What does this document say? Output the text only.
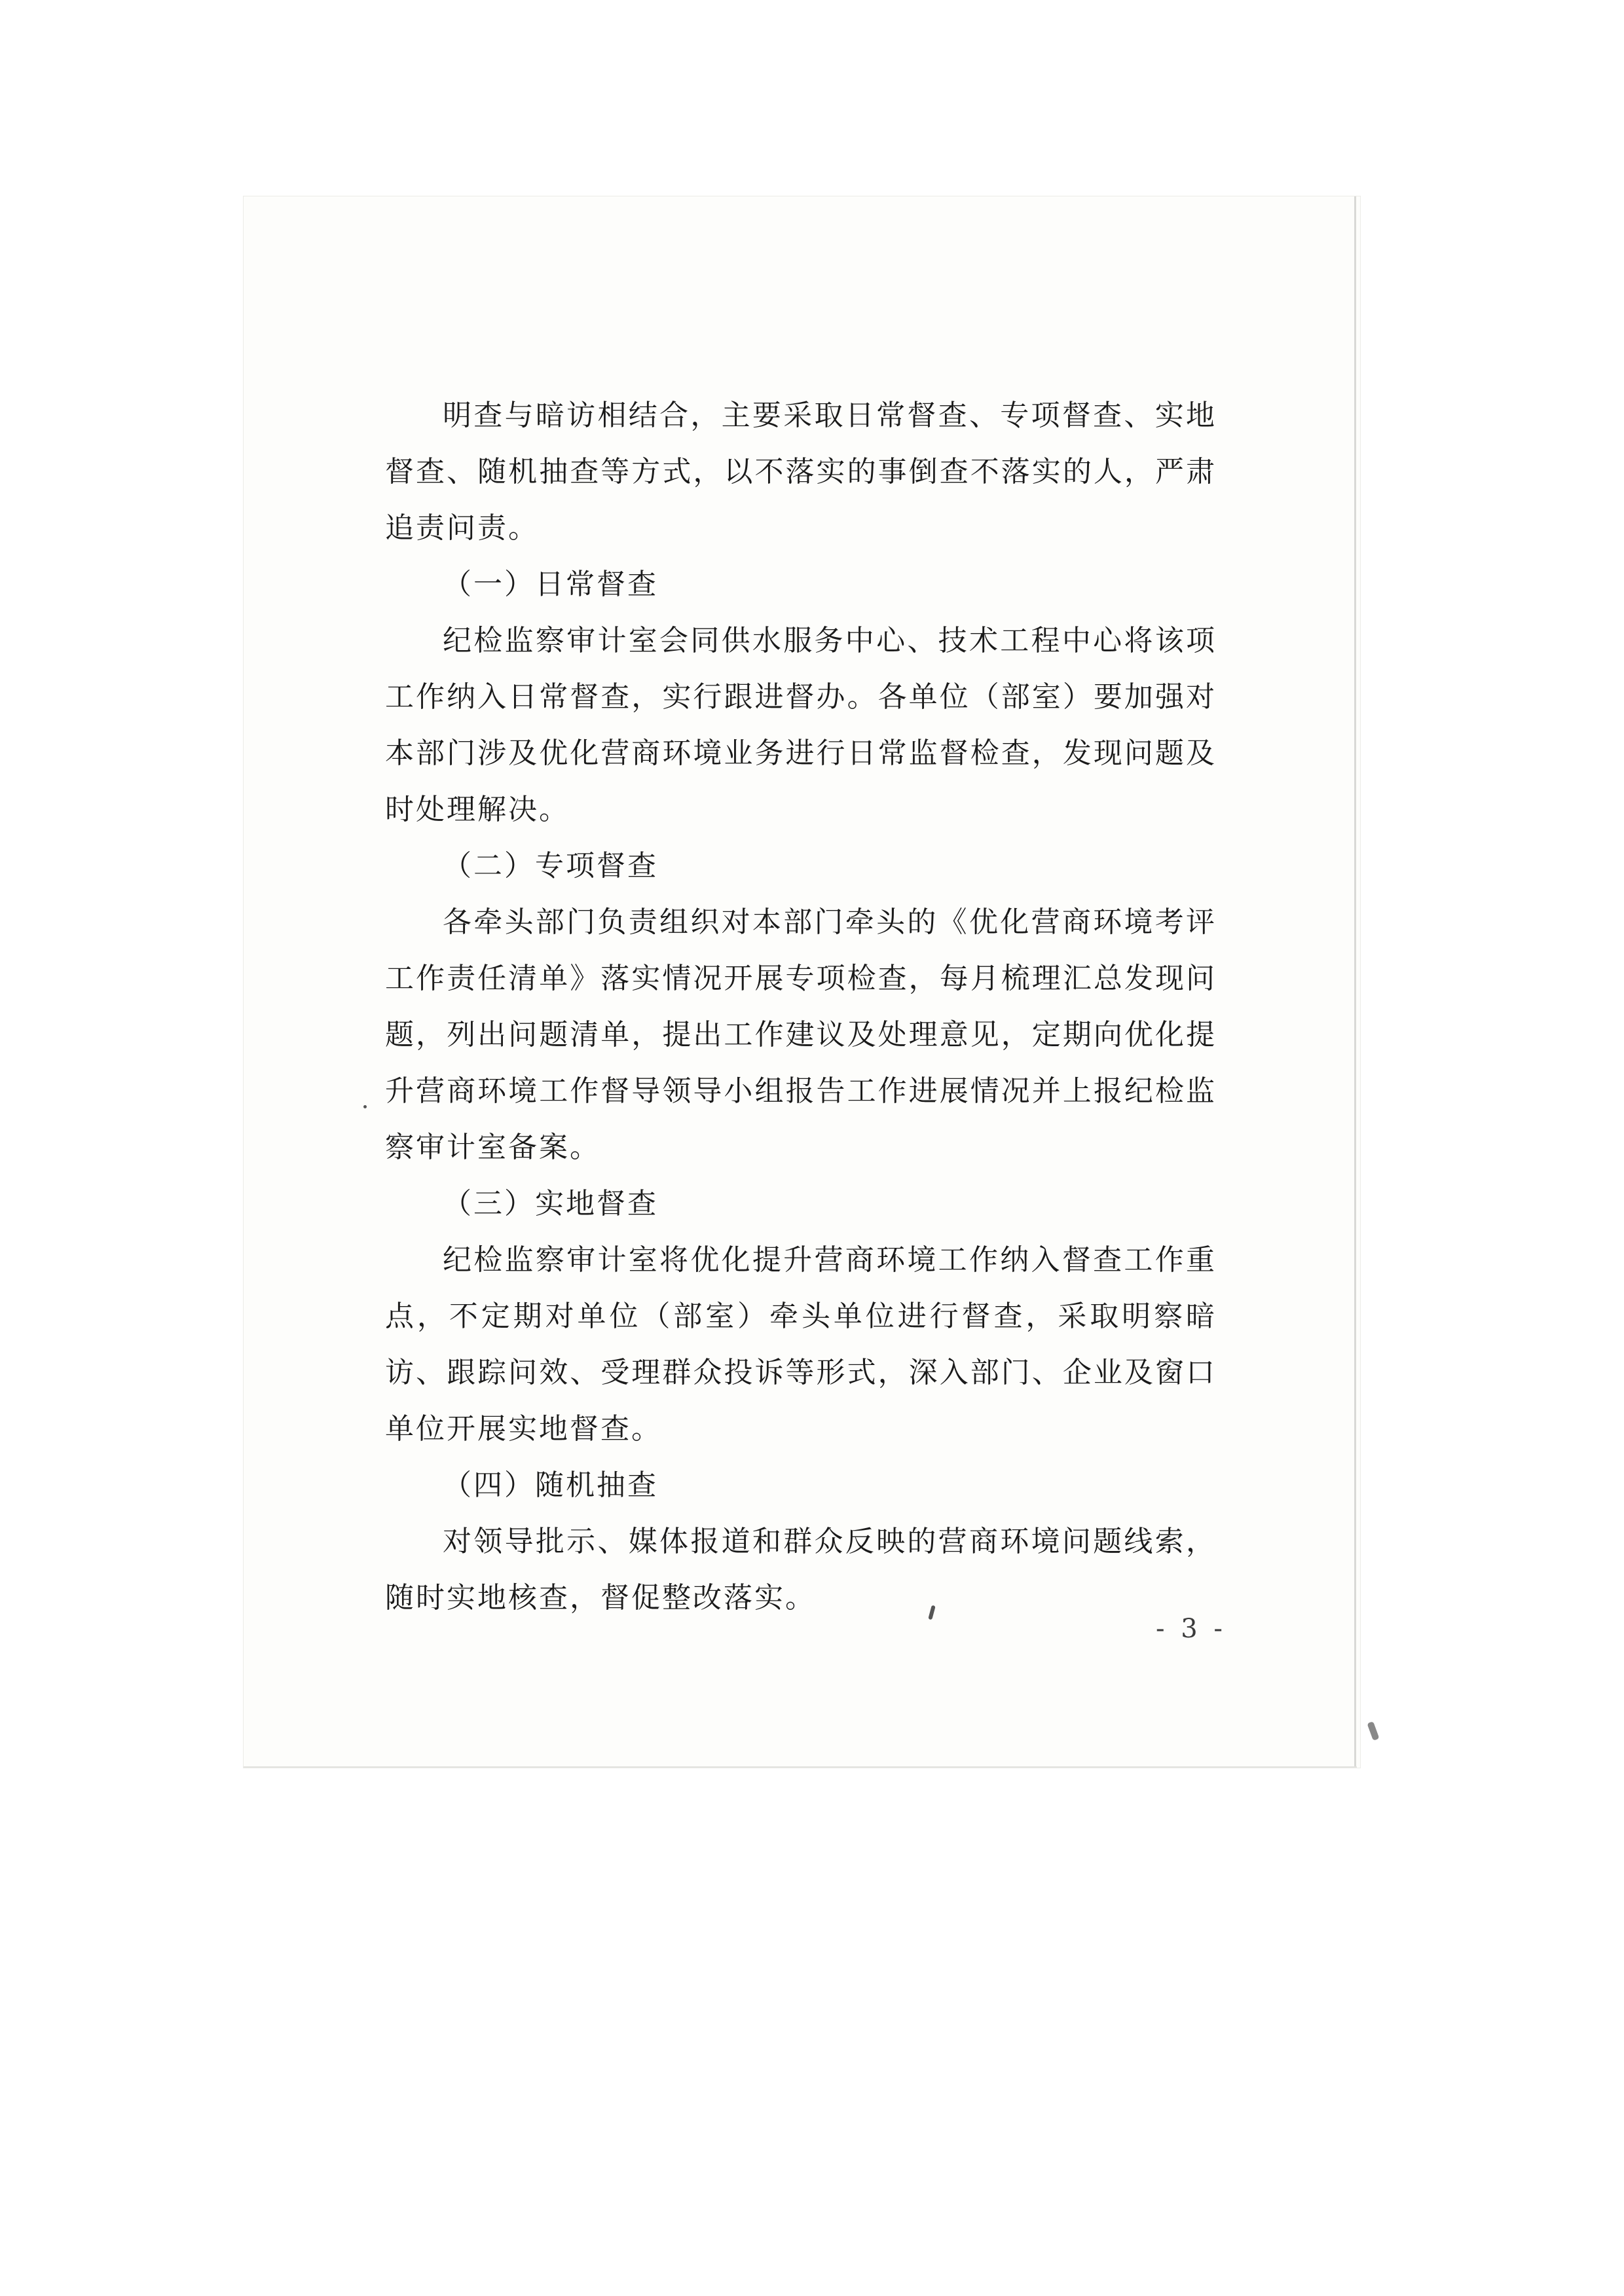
明查与暗访相结合，主要采取日常督查、专项督查、实地督查、随机抽查等方式，以不落实的事倒查不落实的人，严肃追责问责。

（一）日常督查

纪检监察审计室会同供水服务中心、技术工程中心将该项工作纳入日常督查，实行跟进督办。各单位（部室）要加强对本部门涉及优化营商环境业务进行日常监督检查，发现问题及时处理解决。

（二）专项督查

各牵头部门负责组织对本部门牵头的《优化营商环境考评工作责任清单》落实情况开展专项检查，每月梳理汇总发现问题，列出问题清单，提出工作建议及处理意见，定期向优化提升营商环境工作督导领导小组报告工作进展情况并上报纪检监察审计室备案。

（三）实地督查

纪检监察审计室将优化提升营商环境工作纳入督查工作重点，不定期对单位（部室）牵头单位进行督查，采取明察暗访、跟踪问效、受理群众投诉等形式，深入部门、企业及窗口单位开展实地督查。

（四）随机抽查

对领导批示、媒体报道和群众反映的营商环境问题线索，随时实地核查，督促整改落实。

- 3 -
